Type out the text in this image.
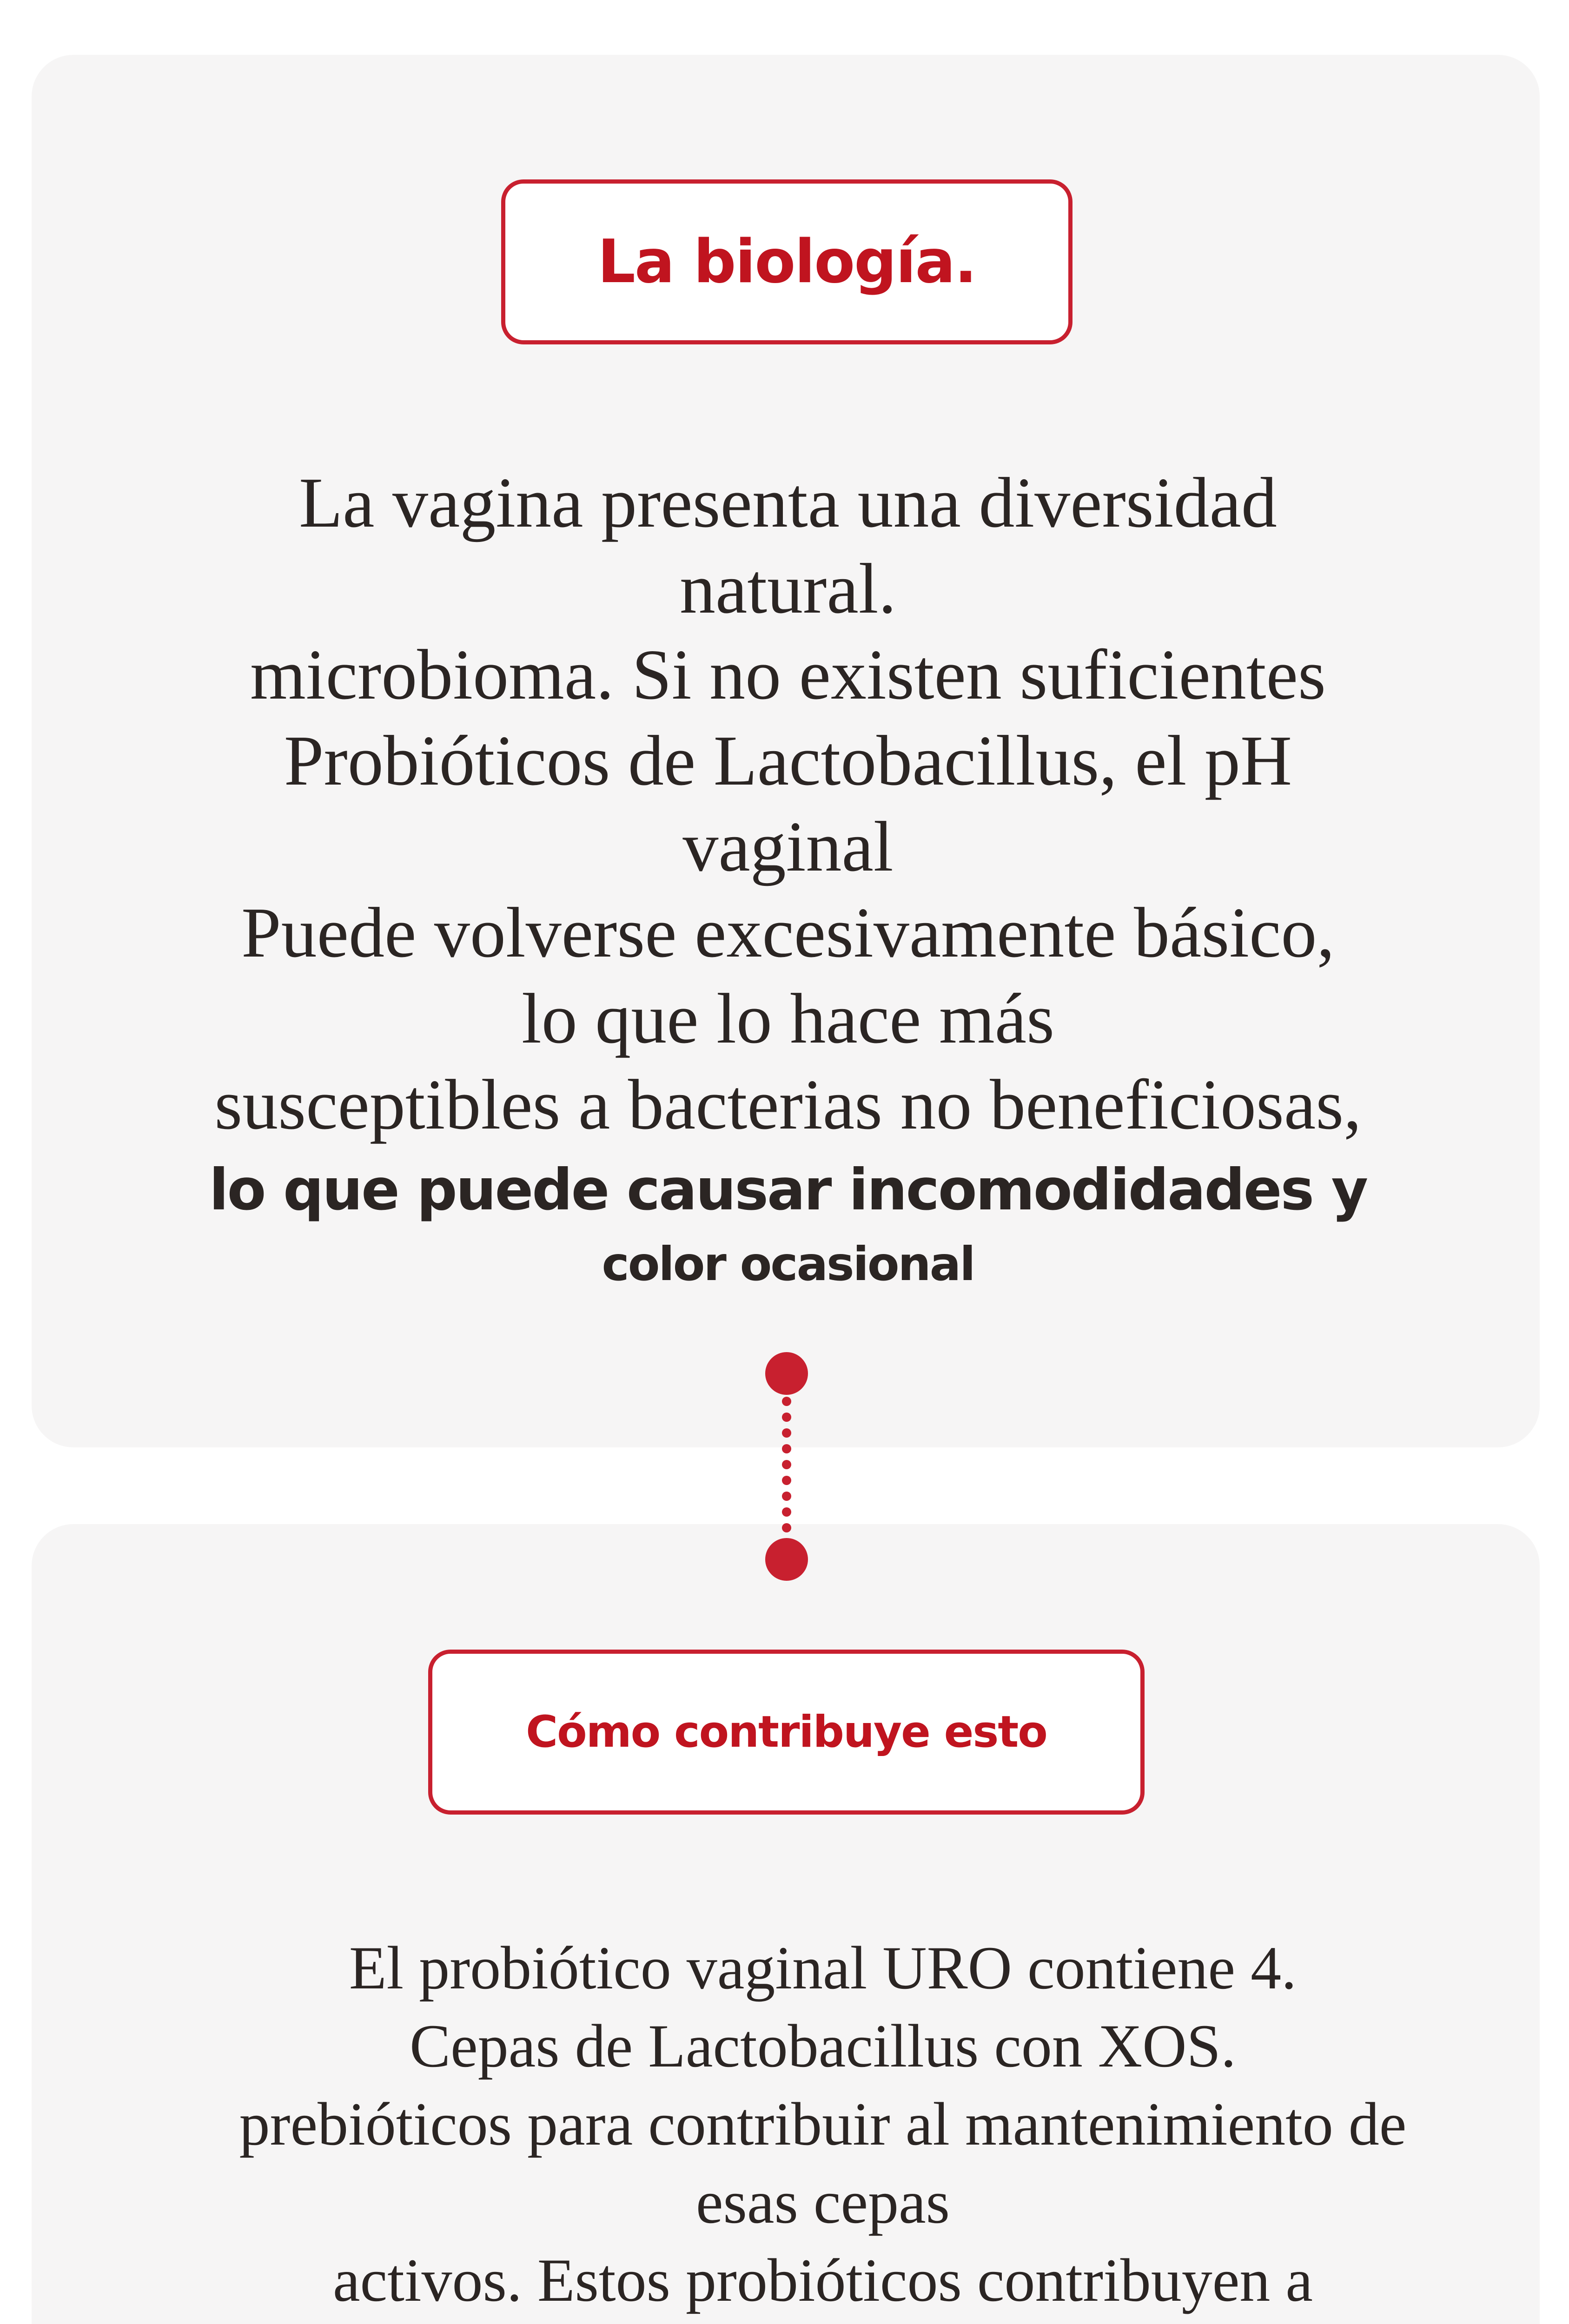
La biología.
La vagina presenta una diversidad
natural.
microbioma. Si no existen suficientes
Probióticos de Lactobacillus, el pH
vaginal
Puede volverse excesivamente básico,
lo que lo hace más
susceptibles a bacterias no beneficiosas,
lo que puede causar incomodidades y
color ocasional
Cómo contribuye esto
El probiótico vaginal URO contiene 4.
Cepas de Lactobacillus con XOS.
prebióticos para contribuir al mantenimiento de
esas cepas
activos. Estos probióticos contribuyen a
